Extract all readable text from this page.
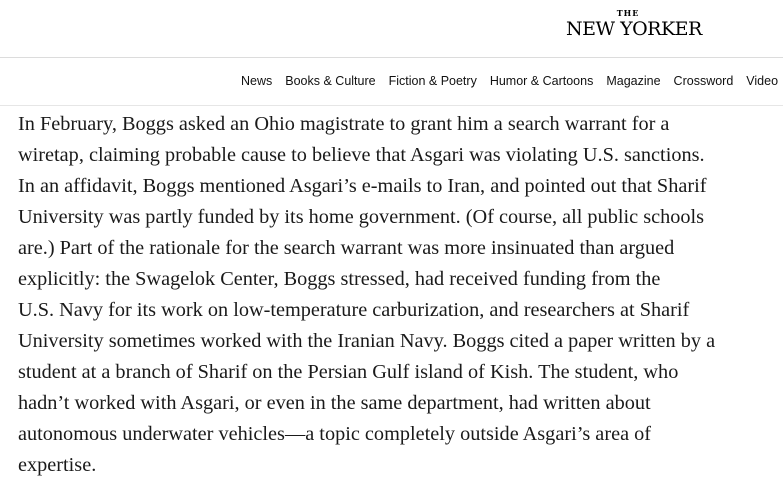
THE
NEW YORKER
News Books & Culture Fiction & Poetry Humor & Cartoons Magazine Crossword Video

In February, Boggs asked an Ohio magistrate to grant him a search warrant for a
wiretap, claiming probable cause to believe that Asgari was violating U.S. sanctions.
In an affidavit, Boggs mentioned Asgari’s e-mails to Iran, and pointed out that Sharif
University was partly funded by its home government. (Of course, all public schools
are.) Part of the rationale for the search warrant was more insinuated than argued
explicitly: the Swagelok Center, Boggs stressed, had received funding from the
U.S. Navy for its work on low-temperature carburization, and researchers at Sharif
University sometimes worked with the Iranian Navy. Boggs cited a paper written by a
student at a branch of Sharif on the Persian Gulf island of Kish. The student, who
hadn’t worked with Asgari, or even in the same department, had written about
autonomous underwater vehicles—a topic completely outside Asgari’s area of
expertise.
